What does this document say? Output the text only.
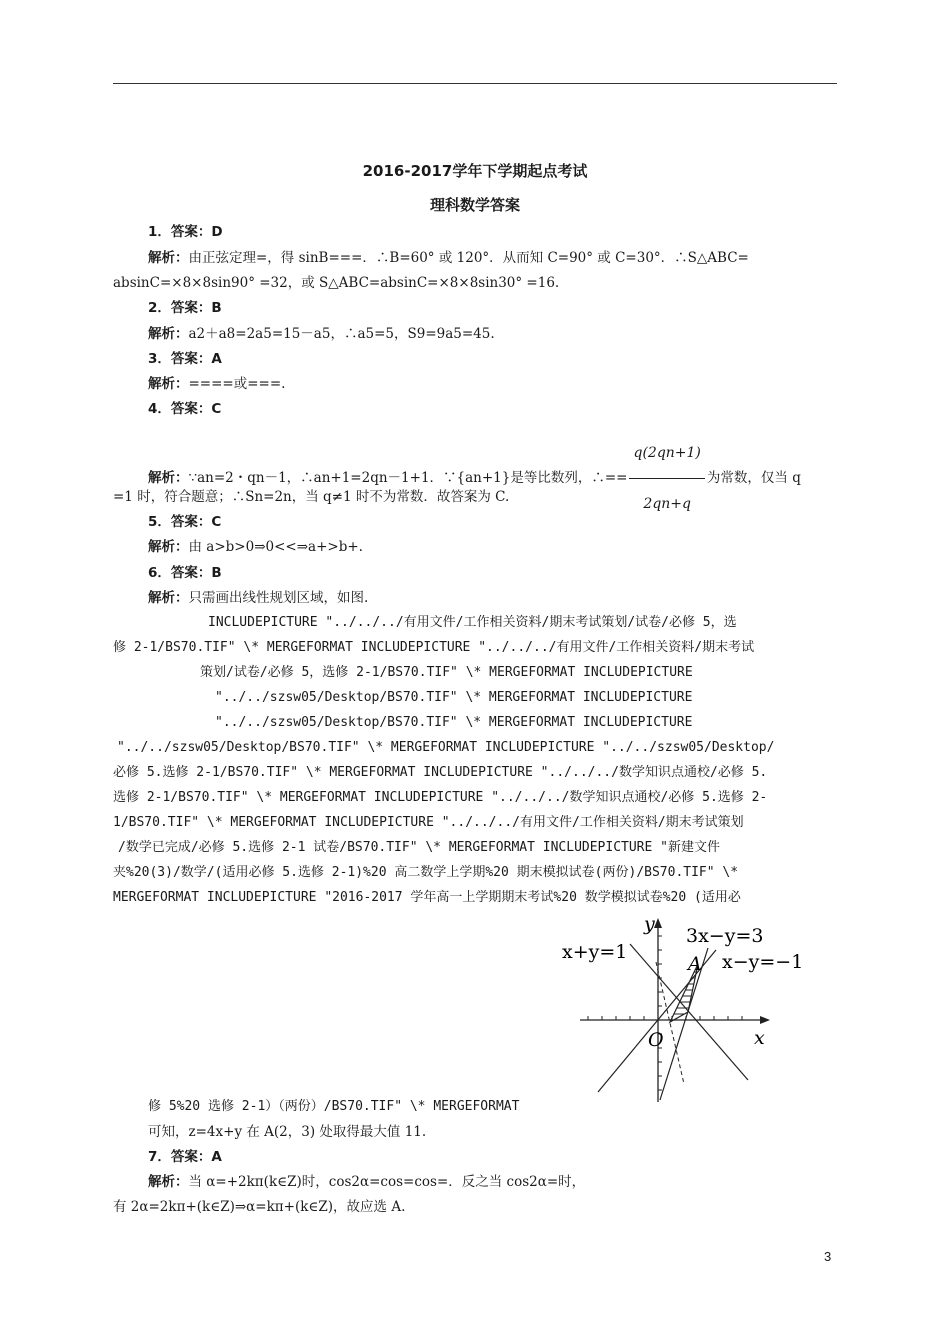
2016-2017学年下学期起点考试
理科数学答案
1．答案：D
解析：由正弦定理=，得 sinB===．∴B=60° 或 120°．从而知 C=90° 或 C=30°．∴S△ABC=
absinC=×8×8sin90° =32，或 S△ABC=absinC=×8×8sin30° =16.
2．答案：B
解析：a2＋a8=2a5=15－a5，∴a5=5，S9=9a5=45.
3．答案：A
解析：====或===.
4．答案：C
解析：∵an=2・qn－1，∴an+1=2qn－1+1．∵{an+1}是等比数列，∴== $\frac{q(2qn+1)}{2qn+q}$ 为常数，仅当 q
=1 时，符合题意；∴Sn=2n，当 q≠1 时不为常数．故答案为 C.
5．答案：C
解析：由 a>b>0⇒0<<⇒a+>b+.
6．答案：B
解析：只需画出线性规划区域，如图.
INCLUDEPICTURE "../../../有用文件/工作相关资料/期末考试策划/试卷/必修 5，选
修 2-1/BS70.TIF" \* MERGEFORMAT INCLUDEPICTURE "../../../有用文件/工作相关资料/期末考试
策划/试卷/必修 5，选修 2-1/BS70.TIF" \* MERGEFORMAT INCLUDEPICTURE
"../../szsw05/Desktop/BS70.TIF" \* MERGEFORMAT INCLUDEPICTURE
"../../szsw05/Desktop/BS70.TIF" \* MERGEFORMAT INCLUDEPICTURE
"../../szsw05/Desktop/BS70.TIF" \* MERGEFORMAT INCLUDEPICTURE "../../szsw05/Desktop/
必修 5.选修 2-1/BS70.TIF" \* MERGEFORMAT INCLUDEPICTURE "../../../数学知识点通校/必修 5.
选修 2-1/BS70.TIF" \* MERGEFORMAT INCLUDEPICTURE "../../../数学知识点通校/必修 5.选修 2-
1/BS70.TIF" \* MERGEFORMAT INCLUDEPICTURE "../../../有用文件/工作相关资料/期末考试策划
/数学已完成/必修 5.选修 2-1 试卷/BS70.TIF" \* MERGEFORMAT INCLUDEPICTURE "新建文件
夹%20(3)/数学/(适用必修 5.选修 2-1)%20 高二数学上学期%20 期末模拟试卷(两份)/BS70.TIF" \*
MERGEFORMAT INCLUDEPICTURE "2016-2017 学年高一上学期期末考试%20 数学模拟试卷%20 (适用必
x+y=1
3x−y=3
x−y=−1
A
O	x
y
修 5%20 选修 2-1）（两份）/BS70.TIF" \* MERGEFORMAT
可知，z=4x+y 在 A(2，3) 处取得最大值 11.
7．答案：A
解析：当 α=+2kπ(k∈Z)时，cos2α=cos=cos=．反之当 cos2α=时，
有 2α=2kπ+(k∈Z)⇒α=kπ+(k∈Z)，故应选 A.
3
